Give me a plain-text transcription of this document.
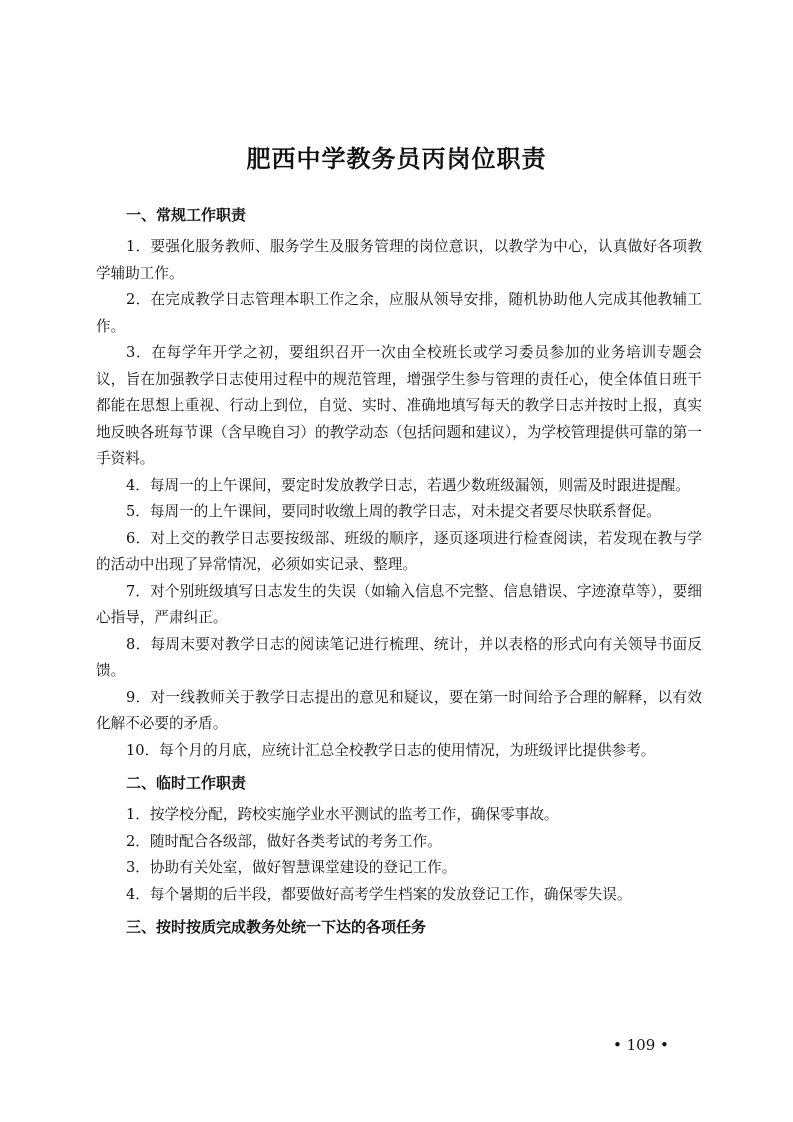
肥西中学教务员丙岗位职责
一、常规工作职责

1．要强化服务教师、服务学生及服务管理的岗位意识，以教学为中心，认真做好各项教学辅助工作。

2．在完成教学日志管理本职工作之余，应服从领导安排，随机协助他人完成其他教辅工作。

3．在每学年开学之初，要组织召开一次由全校班长或学习委员参加的业务培训专题会议，旨在加强教学日志使用过程中的规范管理，增强学生参与管理的责任心，使全体值日班干都能在思想上重视、行动上到位，自觉、实时、准确地填写每天的教学日志并按时上报，真实地反映各班每节课（含早晚自习）的教学动态（包括问题和建议），为学校管理提供可靠的第一手资料。

4．每周一的上午课间，要定时发放教学日志，若遇少数班级漏领，则需及时跟进提醒。

5．每周一的上午课间，要同时收缴上周的教学日志，对未提交者要尽快联系督促。

6．对上交的教学日志要按级部、班级的顺序，逐页逐项进行检查阅读，若发现在教与学的活动中出现了异常情况，必须如实记录、整理。

7．对个别班级填写日志发生的失误（如输入信息不完整、信息错误、字迹潦草等），要细心指导，严肃纠正。

8．每周末要对教学日志的阅读笔记进行梳理、统计，并以表格的形式向有关领导书面反馈。

9．对一线教师关于教学日志提出的意见和疑议，要在第一时间给予合理的解释，以有效化解不必要的矛盾。

10．每个月的月底，应统计汇总全校教学日志的使用情况，为班级评比提供参考。

二、临时工作职责

1．按学校分配，跨校实施学业水平测试的监考工作，确保零事故。

2．随时配合各级部，做好各类考试的考务工作。

3．协助有关处室，做好智慧课堂建设的登记工作。

4．每个暑期的后半段，都要做好高考学生档案的发放登记工作，确保零失误。

三、按时按质完成教务处统一下达的各项任务
• 109 •
